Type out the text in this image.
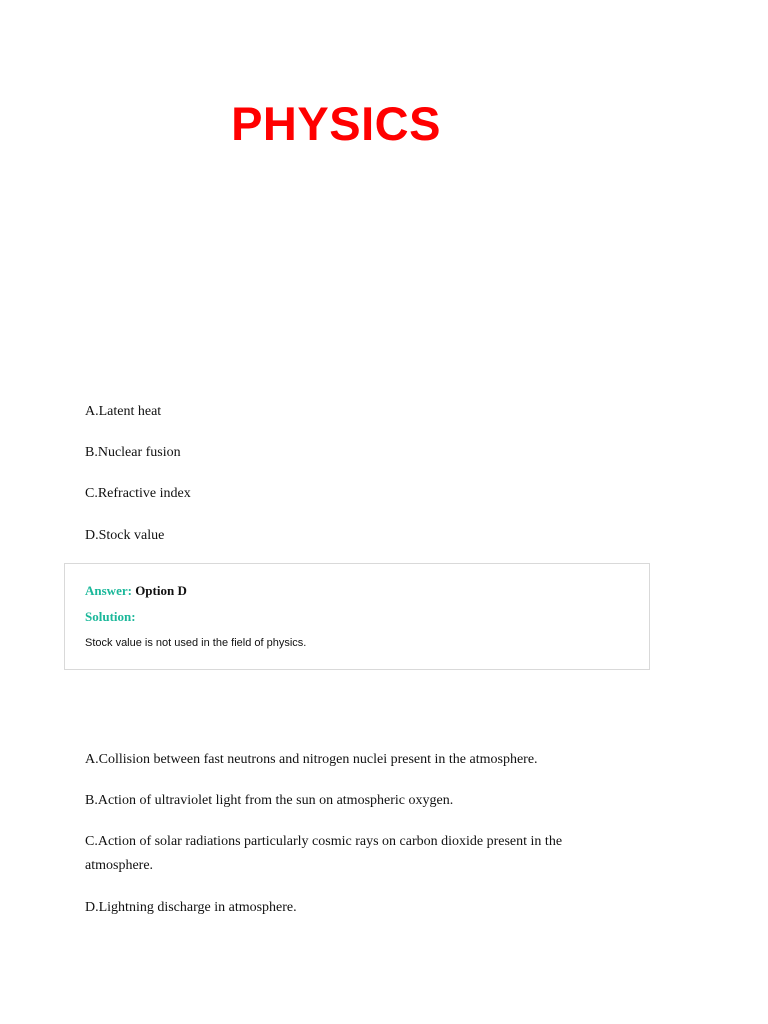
PHYSICS
A.Latent heat
B.Nuclear fusion
C.Refractive index
D.Stock value
Answer: Option D
Solution:
Stock value is not used in the field of physics.
A.Collision between fast neutrons and nitrogen nuclei present in the atmosphere.
B.Action of ultraviolet light from the sun on atmospheric oxygen.
C.Action of solar radiations particularly cosmic rays on carbon dioxide present in the atmosphere.
D.Lightning discharge in atmosphere.
